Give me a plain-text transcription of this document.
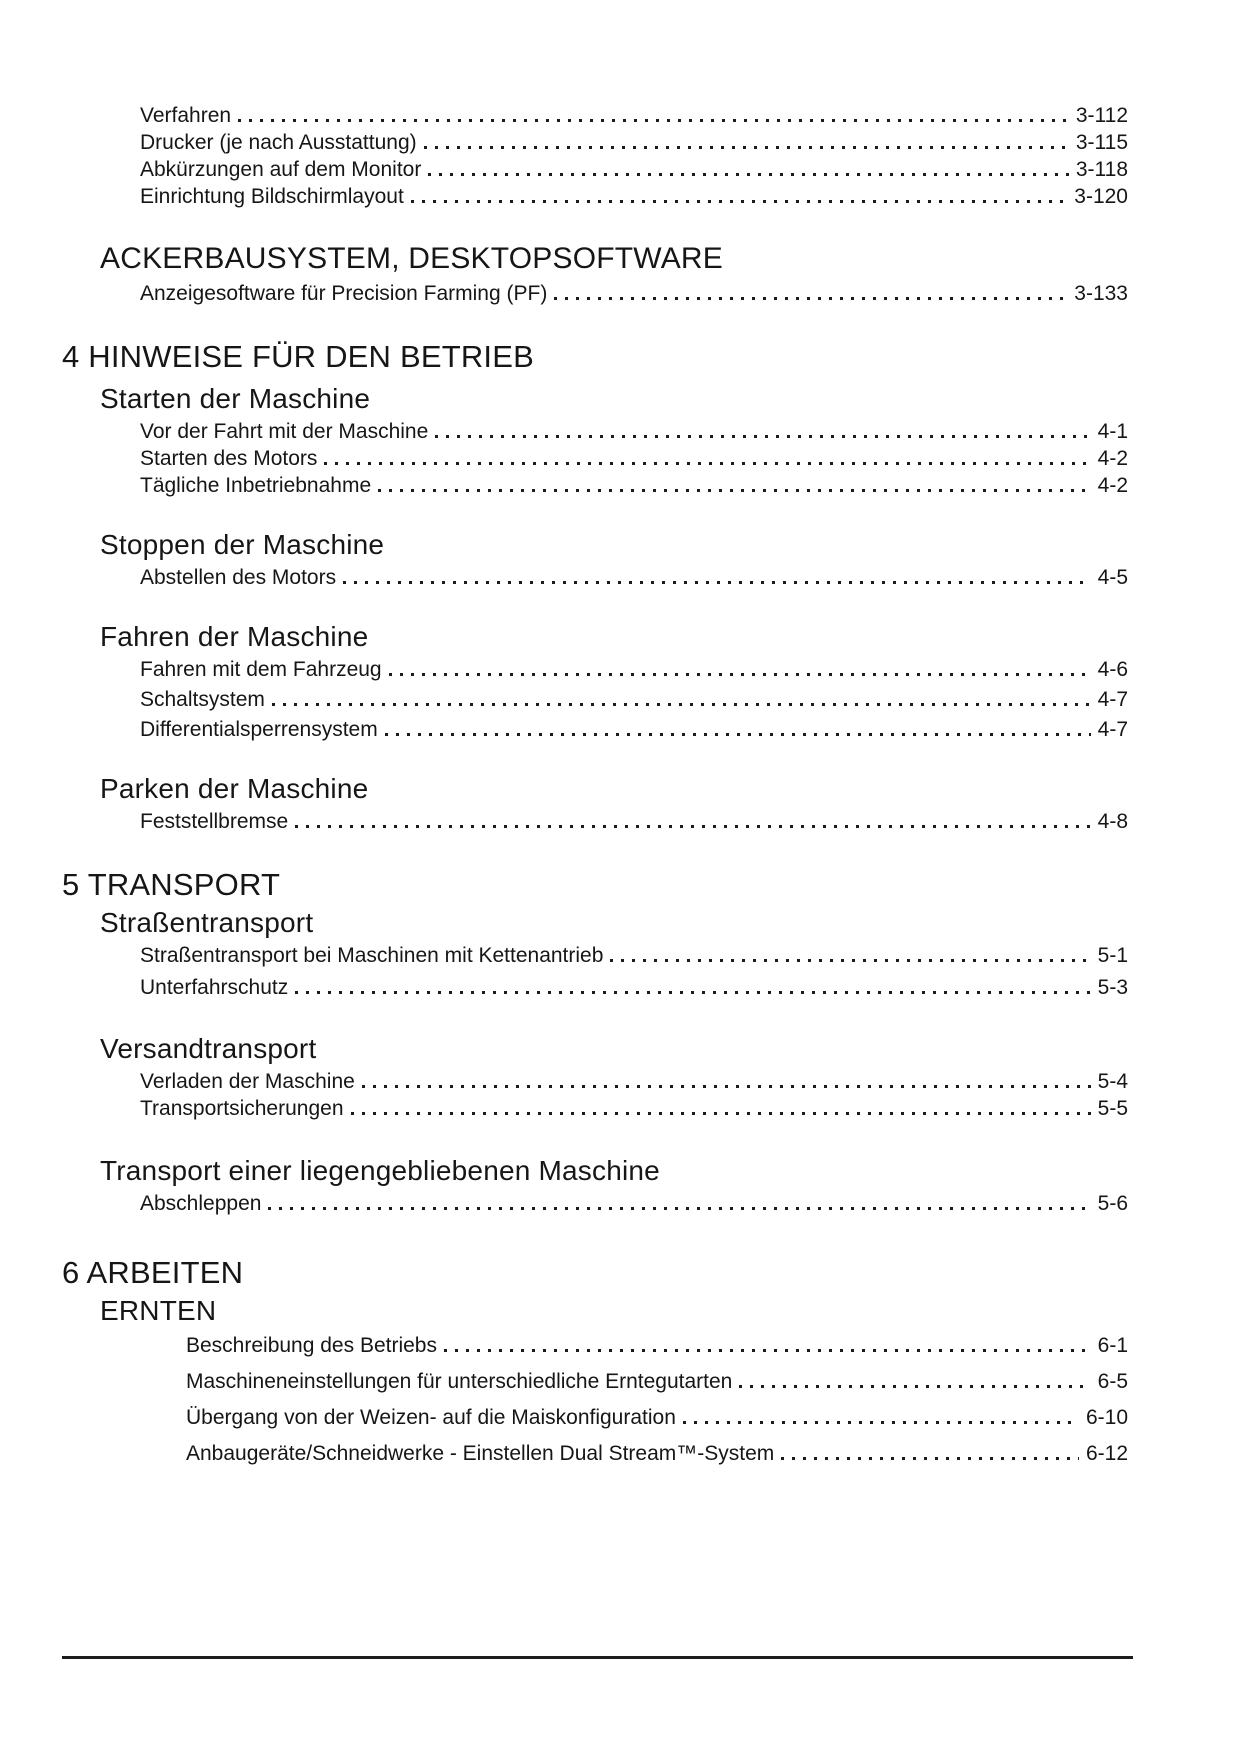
Verfahren	3-112
Drucker (je nach Ausstattung)	3-115
Abkürzungen auf dem Monitor	3-118
Einrichtung Bildschirmlayout	3-120
ACKERBAUSYSTEM, DESKTOPSOFTWARE
Anzeigesoftware für Precision Farming (PF)	3-133
4 HINWEISE FÜR DEN BETRIEB
Starten der Maschine
Vor der Fahrt mit der Maschine	4-1
Starten des Motors	4-2
Tägliche Inbetriebnahme	4-2
Stoppen der Maschine
Abstellen des Motors	4-5
Fahren der Maschine
Fahren mit dem Fahrzeug	4-6
Schaltsystem	4-7
Differentialsperrensystem	4-7
Parken der Maschine
Feststellbremse	4-8
5 TRANSPORT
Straßentransport
Straßentransport bei Maschinen mit Kettenantrieb	5-1
Unterfahrschutz	5-3
Versandtransport
Verladen der Maschine	5-4
Transportsicherungen	5-5
Transport einer liegengebliebenen Maschine
Abschleppen	5-6
6 ARBEITEN
ERNTEN
Beschreibung des Betriebs	6-1
Maschineneinstellungen für unterschiedliche Erntegutarten	6-5
Übergang von der Weizen- auf die Maiskonfiguration	6-10
Anbaugeräte/Schneidwerke - Einstellen Dual Stream™-System	6-12
